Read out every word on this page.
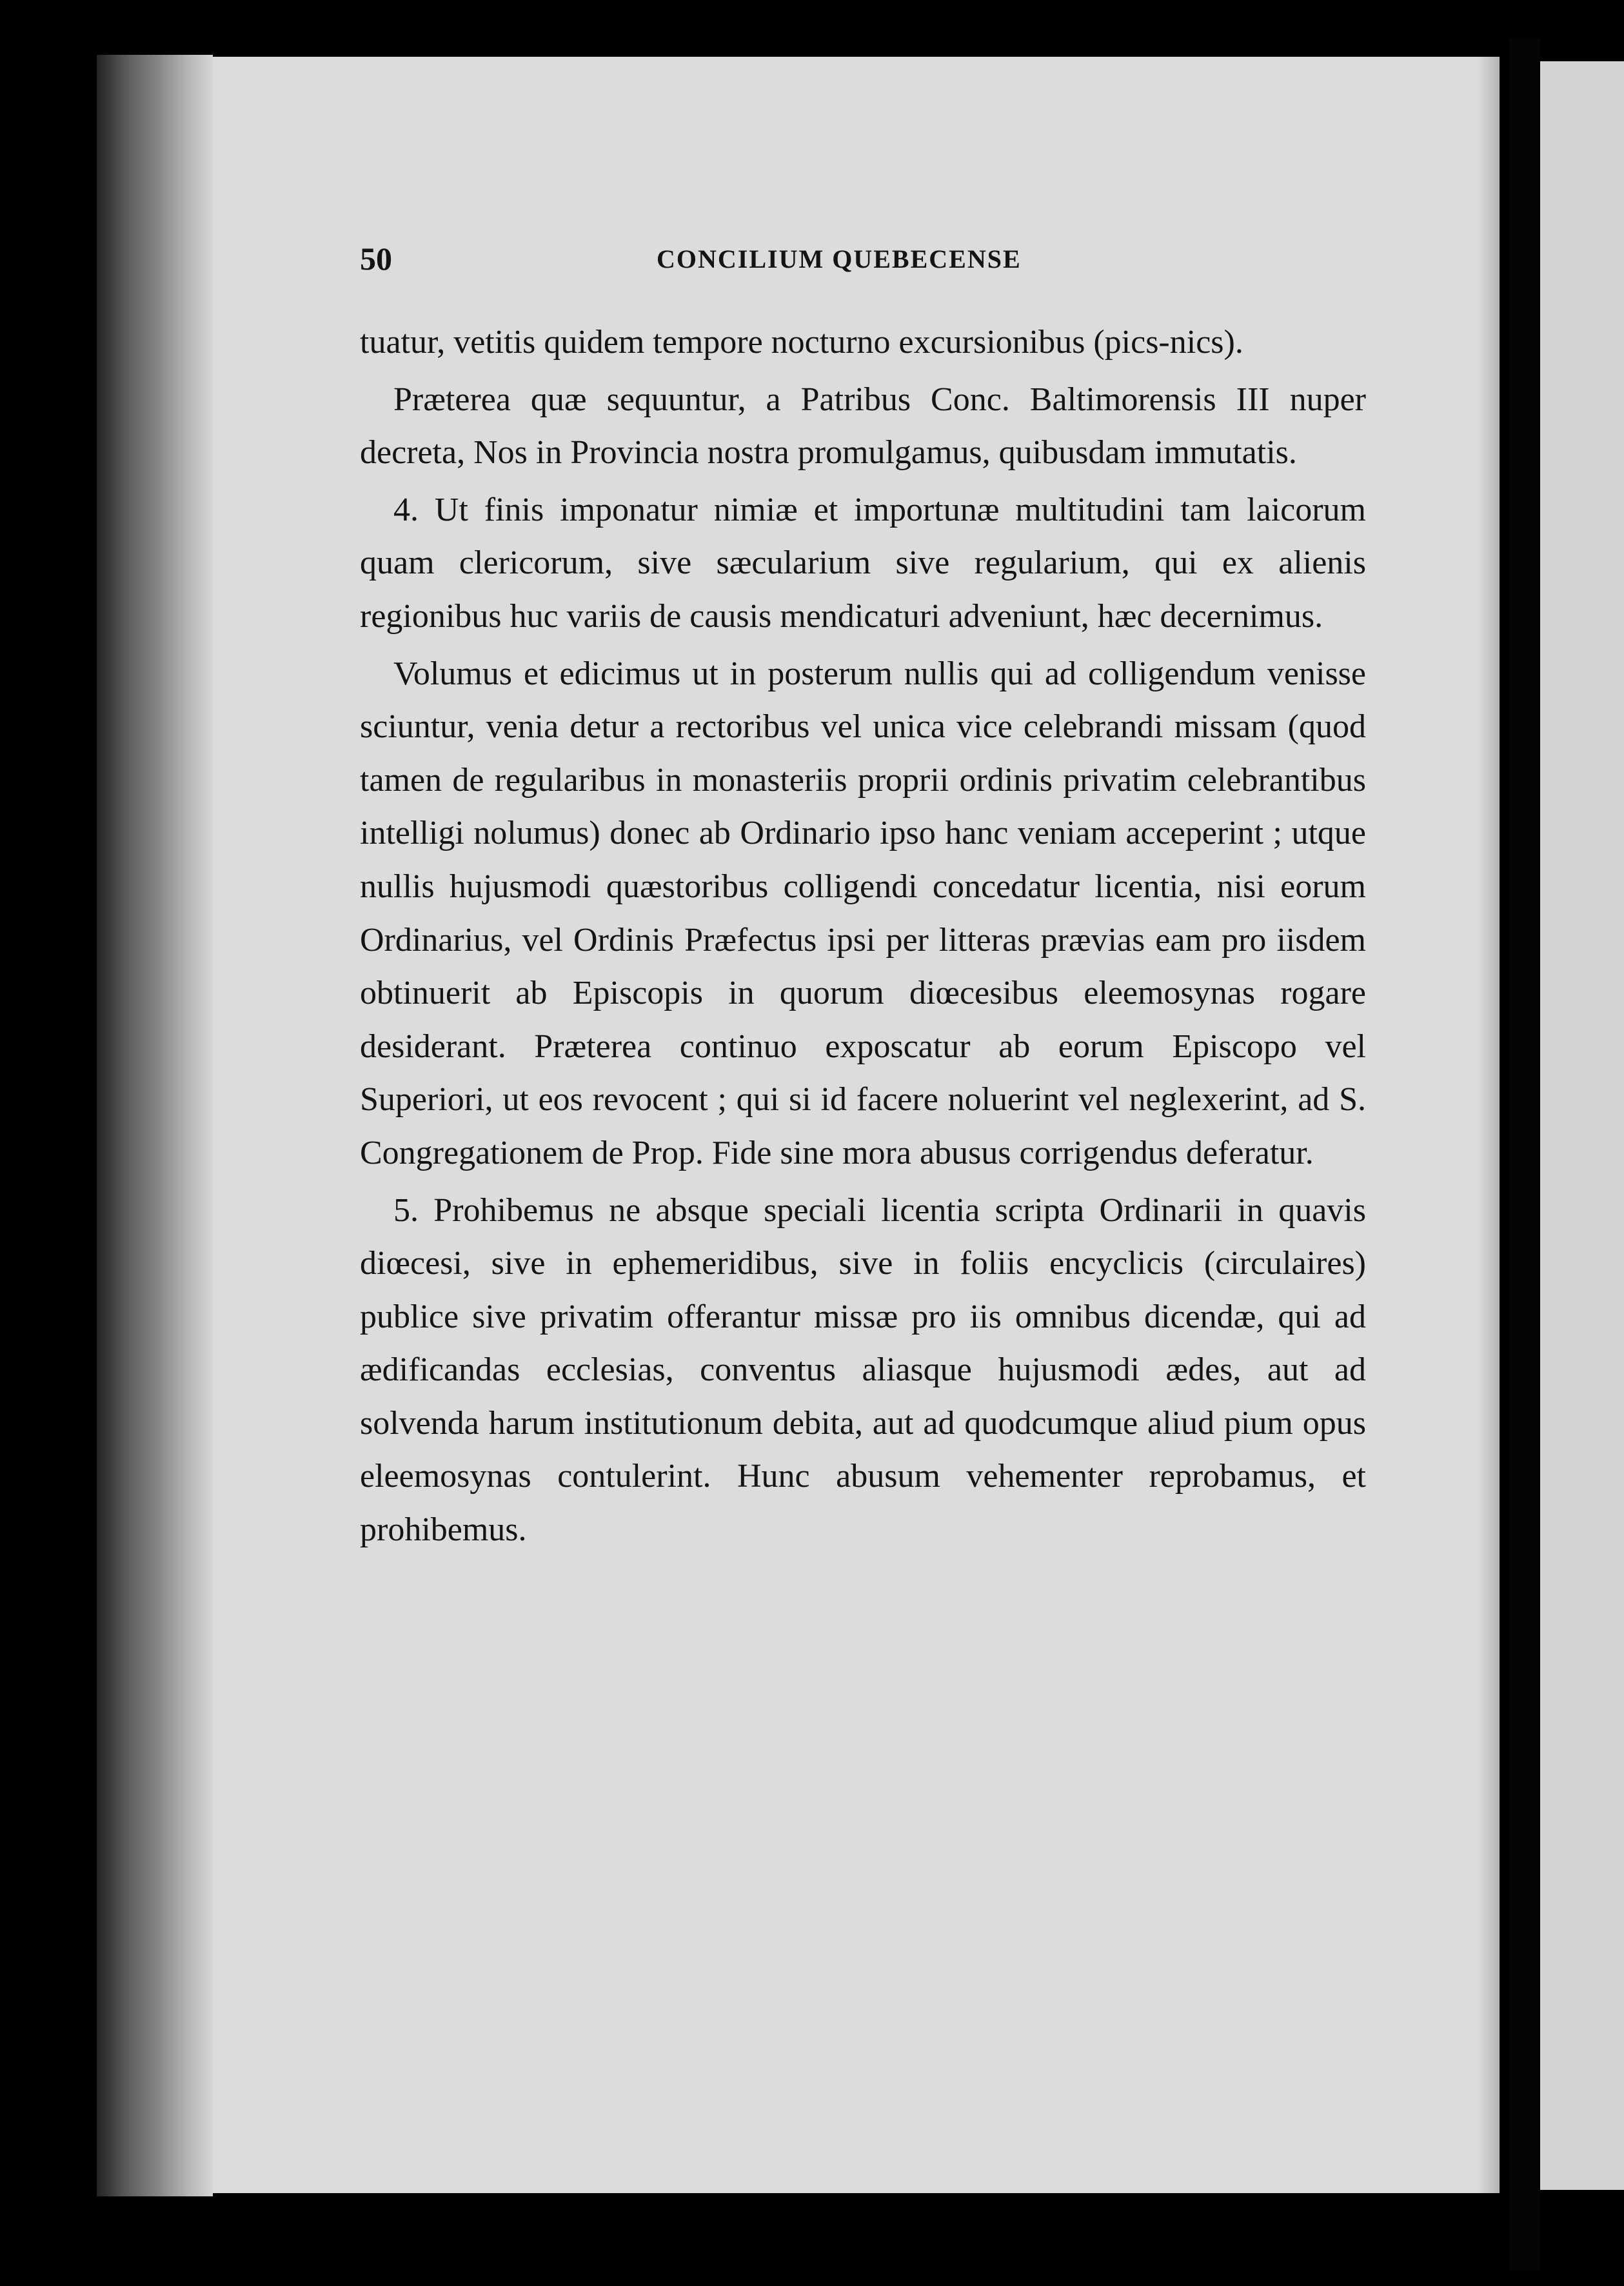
50	CONCILIUM QUEBECENSE

tuatur, vetitis quidem tempore nocturno excursionibus (pics-nics).

Præterea quæ sequuntur, a Patribus Conc. Baltimorensis III nuper decreta, Nos in Provincia nostra promulgamus, quibusdam immutatis.

4. Ut finis imponatur nimiæ et importunæ multitudini tam laicorum quam clericorum, sive sæcularium sive regularium, qui ex alienis regionibus huc variis de causis mendicaturi adveniunt, hæc decernimus.

Volumus et edicimus ut in posterum nullis qui ad colligendum venisse sciuntur, venia detur a rectoribus vel unica vice celebrandi missam (quod tamen de regularibus in monasteriis proprii ordinis privatim celebrantibus intelligi nolumus) donec ab Ordinario ipso hanc veniam acceperint ; utque nullis hujusmodi quæstoribus colligendi concedatur licentia, nisi eorum Ordinarius, vel Ordinis Præfectus ipsi per litteras prævias eam pro iisdem obtinuerit ab Episcopis in quorum diœcesibus eleemosynas rogare desiderant. Præterea continuo exposcatur ab eorum Episcopo vel Superiori, ut eos revocent ; qui si id facere noluerint vel neglexerint, ad S. Congregationem de Prop. Fide sine mora abusus corrigendus deferatur.

5. Prohibemus ne absque speciali licentia scripta Ordinarii in quavis diœcesi, sive in ephemeridibus, sive in foliis encyclicis (circulaires) publice sive privatim offerantur missæ pro iis omnibus dicendæ, qui ad ædificandas ecclesias, conventus aliasque hujusmodi ædes, aut ad solvenda harum institutionum debita, aut ad quodcumque aliud pium opus eleemosynas contulerint. Hunc abusum vehementer reprobamus, et prohibemus.
